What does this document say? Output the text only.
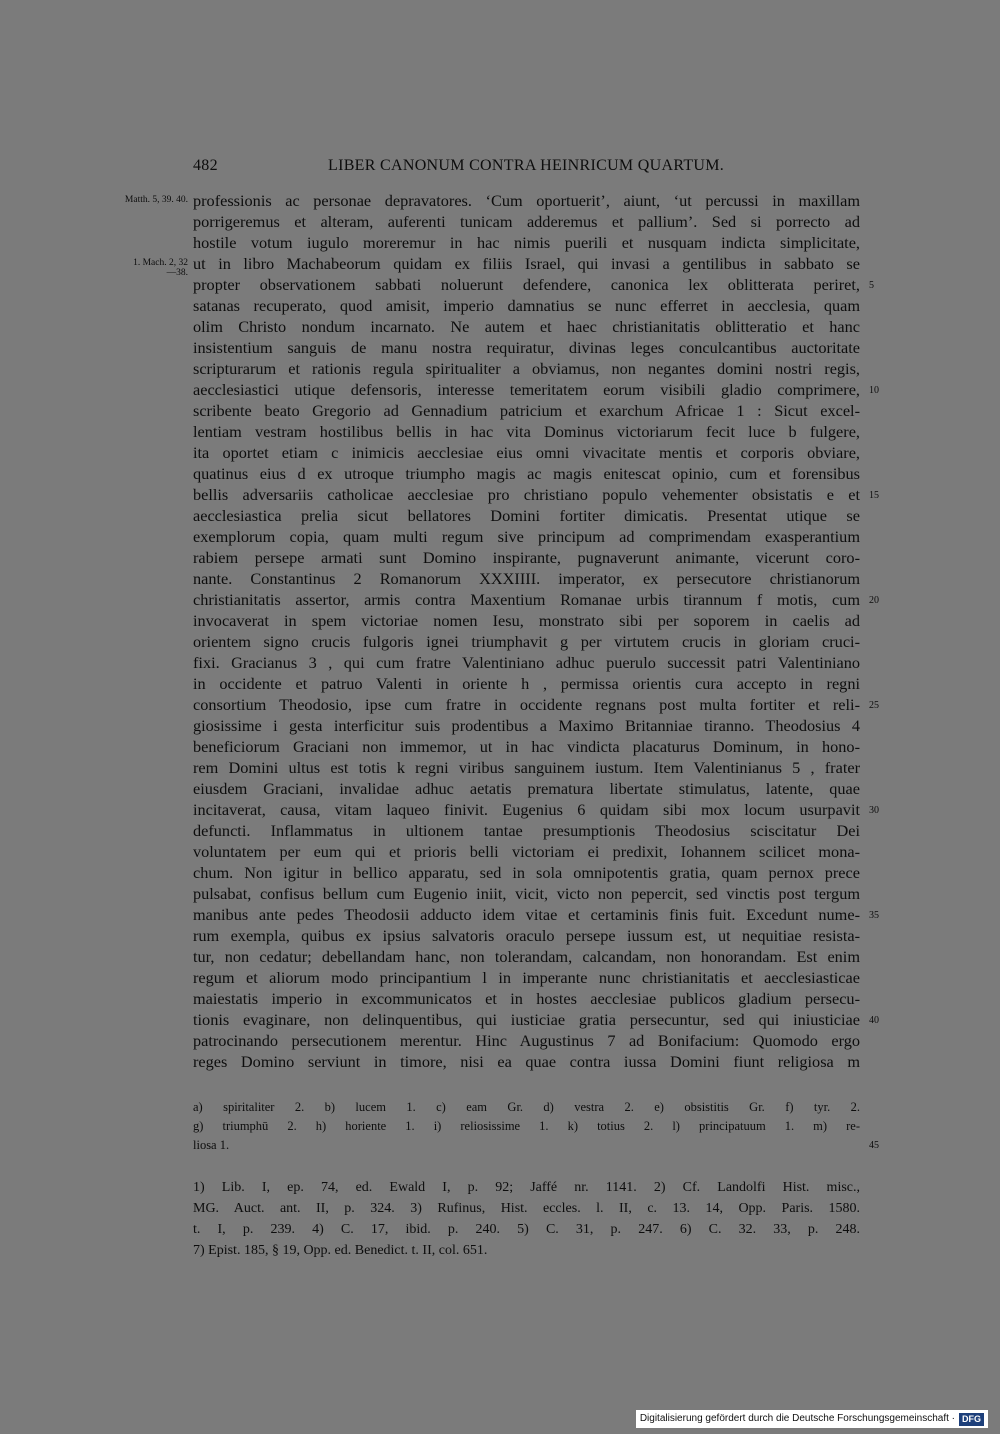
482	LIBER CANONUM CONTRA HEINRICUM QUARTUM.
Matth. 5, 39. 40.
1. Mach. 2, 32—38.
professionis ac personae depravatores. ‘Cum oportuerit’, aiunt, ‘ut percussi in maxillam
porrigeremus et alteram, auferenti tunicam adderemus et pallium’. Sed si porrecto ad
hostile votum iugulo moreremur in hac nimis puerili et nusquam indicta simplicitate,
ut in libro Machabeorum quidam ex filiis Israel, qui invasi a gentilibus in sabbato se
propter observationem sabbati noluerunt defendere, canonica lex oblitterata periret, 5
satanas recuperato, quod amisit, imperio damnatius se nunc efferret in aecclesia, quam
olim Christo nondum incarnato. Ne autem et haec christianitatis oblitteratio et hanc
insistentium sanguis de manu nostra requiratur, divinas leges conculcantibus auctoritate
scripturarum et rationis regula spiritualiter a obviamus, non negantes domini nostri regis,
aecclesiastici utique defensoris, interesse temeritatem eorum visibili gladio comprimere, 10
scribente beato Gregorio ad Gennadium patricium et exarchum Africae 1 : Sicut excel-
lentiam vestram hostilibus bellis in hac vita Dominus victoriarum fecit luce b fulgere,
ita oportet etiam c inimicis aecclesiae eius omni vivacitate mentis et corporis obviare,
quatinus eius d ex utroque triumpho magis ac magis enitescat opinio, cum et forensibus
bellis adversariis catholicae aecclesiae pro christiano populo vehementer obsistatis e et 15
aecclesiastica prelia sicut bellatores Domini fortiter dimicatis. Presentat utique se
exemplorum copia, quam multi regum sive principum ad comprimendam exasperantium
rabiem persepe armati sunt Domino inspirante, pugnaverunt animante, vicerunt coro-
nante. Constantinus 2 Romanorum XXXIIII. imperator, ex persecutore christianorum
christianitatis assertor, armis contra Maxentium Romanae urbis tirannum f motis, cum 20
invocaverat in spem victoriae nomen Iesu, monstrato sibi per soporem in caelis ad
orientem signo crucis fulgoris ignei triumphavit g per virtutem crucis in gloriam cruci-
fixi. Gracianus 3 , qui cum fratre Valentiniano adhuc puerulo successit patri Valentiniano
in occidente et patruo Valenti in oriente h , permissa orientis cura accepto in regni
consortium Theodosio, ipse cum fratre in occidente regnans post multa fortiter et reli- 25
giosissime i gesta interficitur suis prodentibus a Maximo Britanniae tiranno. Theodosius 4
beneficiorum Graciani non immemor, ut in hac vindicta placaturus Dominum, in hono-
rem Domini ultus est totis k regni viribus sanguinem iustum. Item Valentinianus 5 , frater
eiusdem Graciani, invalidae adhuc aetatis prematura libertate stimulatus, latente, quae
incitaverat, causa, vitam laqueo finivit. Eugenius 6 quidam sibi mox locum usurpavit 30
defuncti. Inflammatus in ultionem tantae presumptionis Theodosius sciscitatur Dei
voluntatem per eum qui et prioris belli victoriam ei predixit, Iohannem scilicet mona-
chum. Non igitur in bellico apparatu, sed in sola omnipotentis gratia, quam pernox prece
pulsabat, confisus bellum cum Eugenio iniit, vicit, victo non pepercit, sed vinctis post tergum
manibus ante pedes Theodosii adducto idem vitae et certaminis finis fuit. Excedunt nume- 35
rum exempla, quibus ex ipsius salvatoris oraculo persepe iussum est, ut nequitiae resista-
tur, non cedatur; debellandam hanc, non tolerandam, calcandam, non honorandam. Est enim
regum et aliorum modo principantium l in imperante nunc christianitatis et aecclesiasticae
maiestatis imperio in excommunicatos et in hostes aecclesiae publicos gladium persecu-
tionis evaginare, non delinquentibus, qui iusticiae gratia persecuntur, sed qui iniusticiae 40
patrocinando persecutionem merentur. Hinc Augustinus 7 ad Bonifacium: Quomodo ergo
reges Domino serviunt in timore, nisi ea quae contra iussa Domini fiunt religiosa m
a) spiritaliter 2. b) lucem 1. c) eam Gr. d) vestra 2. e) obsistitis Gr. f) tyr. 2.
g) triumphū 2. h) horiente 1. i) reliosissime 1. k) totius 2. l) principatuum 1. m) re-
liosa 1.	45
1) Lib. I, ep. 74, ed. Ewald I, p. 92; Jaffé nr. 1141. 2) Cf. Landolfi Hist. misc.,
MG. Auct. ant. II, p. 324. 3) Rufinus, Hist. eccles. l. II, c. 13. 14, Opp. Paris. 1580.
t. I, p. 239. 4) C. 17, ibid. p. 240. 5) C. 31, p. 247. 6) C. 32. 33, p. 248.
7) Epist. 185, § 19, Opp. ed. Benedict. t. II, col. 651.
Digitalisierung gefördert durch die Deutsche Forschungsgemeinschaft · DFG
